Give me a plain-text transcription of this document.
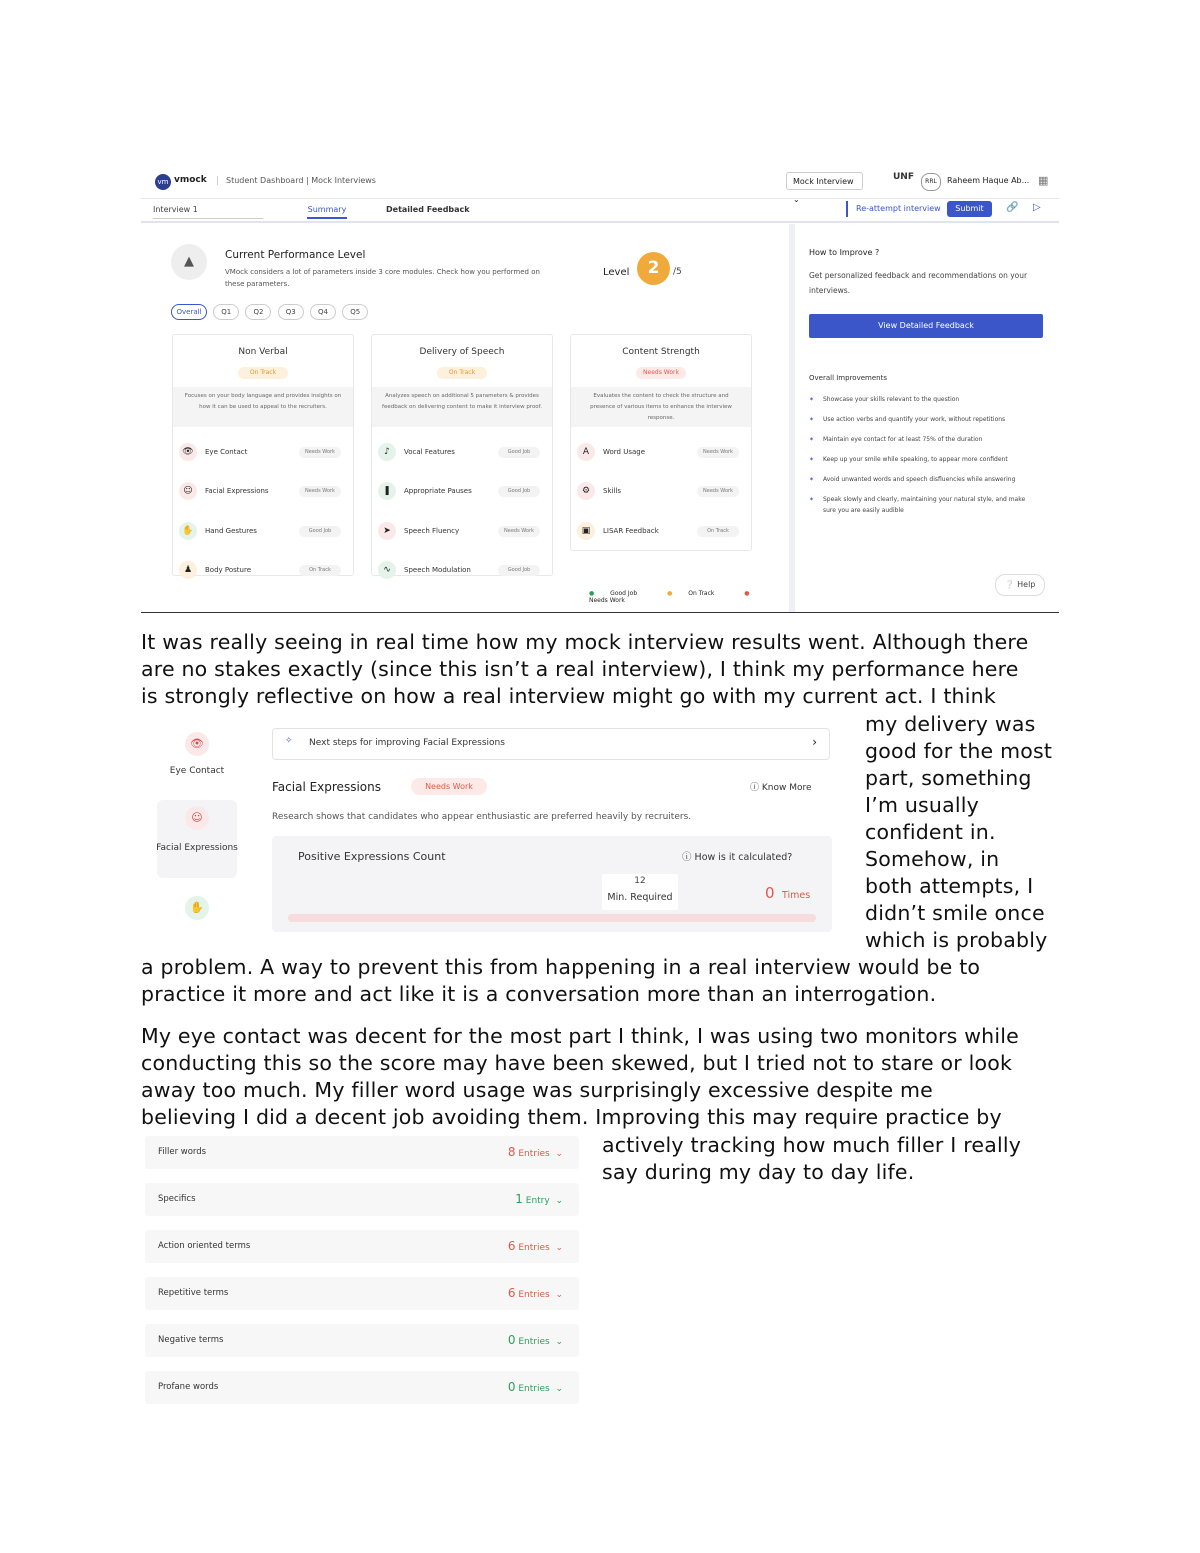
vm vmock	Student Dashboard | Mock Interviews	Mock Interview ⌄
UNF	RRL	Raheem Haque Ab... ▦
Interview 1	Summary	Detailed Feedback	Re-attempt interview	Submit	🔗 ▷
▲	Current Performance Level
VMock considers a lot of parameters inside 3 core modules. Check how you performed on these parameters.
Level	2	/5
Overall	Q1	Q2	Q3	Q4	Q5
Non Verbal
On Track
Focuses on your body language and provides insights on how it can be used to appeal to the recruiters.
👁	Eye Contact	Needs Work
☺	Facial Expressions	Needs Work
✋	Hand Gestures	Good Job
♟	Body Posture	On Track
Delivery of Speech
On Track
Analyzes speech on additional 5 parameters & provides feedback on delivering content to make it interview proof.
♪	Vocal Features	Good Job
❚	Appropriate Pauses	Good Job
➤	Speech Fluency	Needs Work
∿	Speech Modulation	Good Job
Content Strength
Needs Work
Evaluates the content to check the structure and presence of various items to enhance the interview response.
A	Word Usage	Needs Work
⚙	Skills	Needs Work
▣	LISAR Feedback	On Track
●	Good Job	●	On Track	● Needs Work
How to Improve ?
Get personalized feedback and recommendations on your interviews.
View Detailed Feedback
Overall Improvements
✶ Showcase your skills relevant to the question
✶ Use action verbs and quantify your work, without repetitions
✶ Maintain eye contact for at least 75% of the duration
✶ Keep up your smile while speaking, to appear more confident
✶ Avoid unwanted words and speech disfluencies while answering
✶ Speak slowly and clearly, maintaining your natural style, and make sure you are easily audible
❔ Help
It was really seeing in real time how my mock interview results went. Although there
are no stakes exactly (since this isn’t a real interview), I think my performance here
is strongly reflective on how a real interview might go with my current act. I think
my delivery was
good for the most
part, something
I’m usually
confident in.
Somehow, in
both attempts, I
didn’t smile once
which is probably
a problem. A way to prevent this from happening in a real interview would be to
practice it more and act like it is a conversation more than an interrogation.
👁
Eye Contact
☺
Facial Expressions
✋
✧ Next steps for improving Facial Expressions	›
Facial Expressions	Needs Work	ⓘ Know More
Research shows that candidates who appear enthusiastic are preferred heavily by recruiters.
Positive Expressions Count	ⓘ How is it calculated?
12
Min. Required	0 Times
My eye contact was decent for the most part I think, I was using two monitors while
conducting this so the score may have been skewed, but I tried not to stare or look
away too much. My filler word usage was surprisingly excessive despite me
believing I did a decent job avoiding them. Improving this may require practice by
actively tracking how much filler I really
say during my day to day life.
Filler words	8 Entries ⌄
Specifics	1 Entry ⌄
Action oriented terms	6 Entries ⌄
Repetitive terms	6 Entries ⌄
Negative terms	0 Entries ⌄
Profane words	0 Entries ⌄
